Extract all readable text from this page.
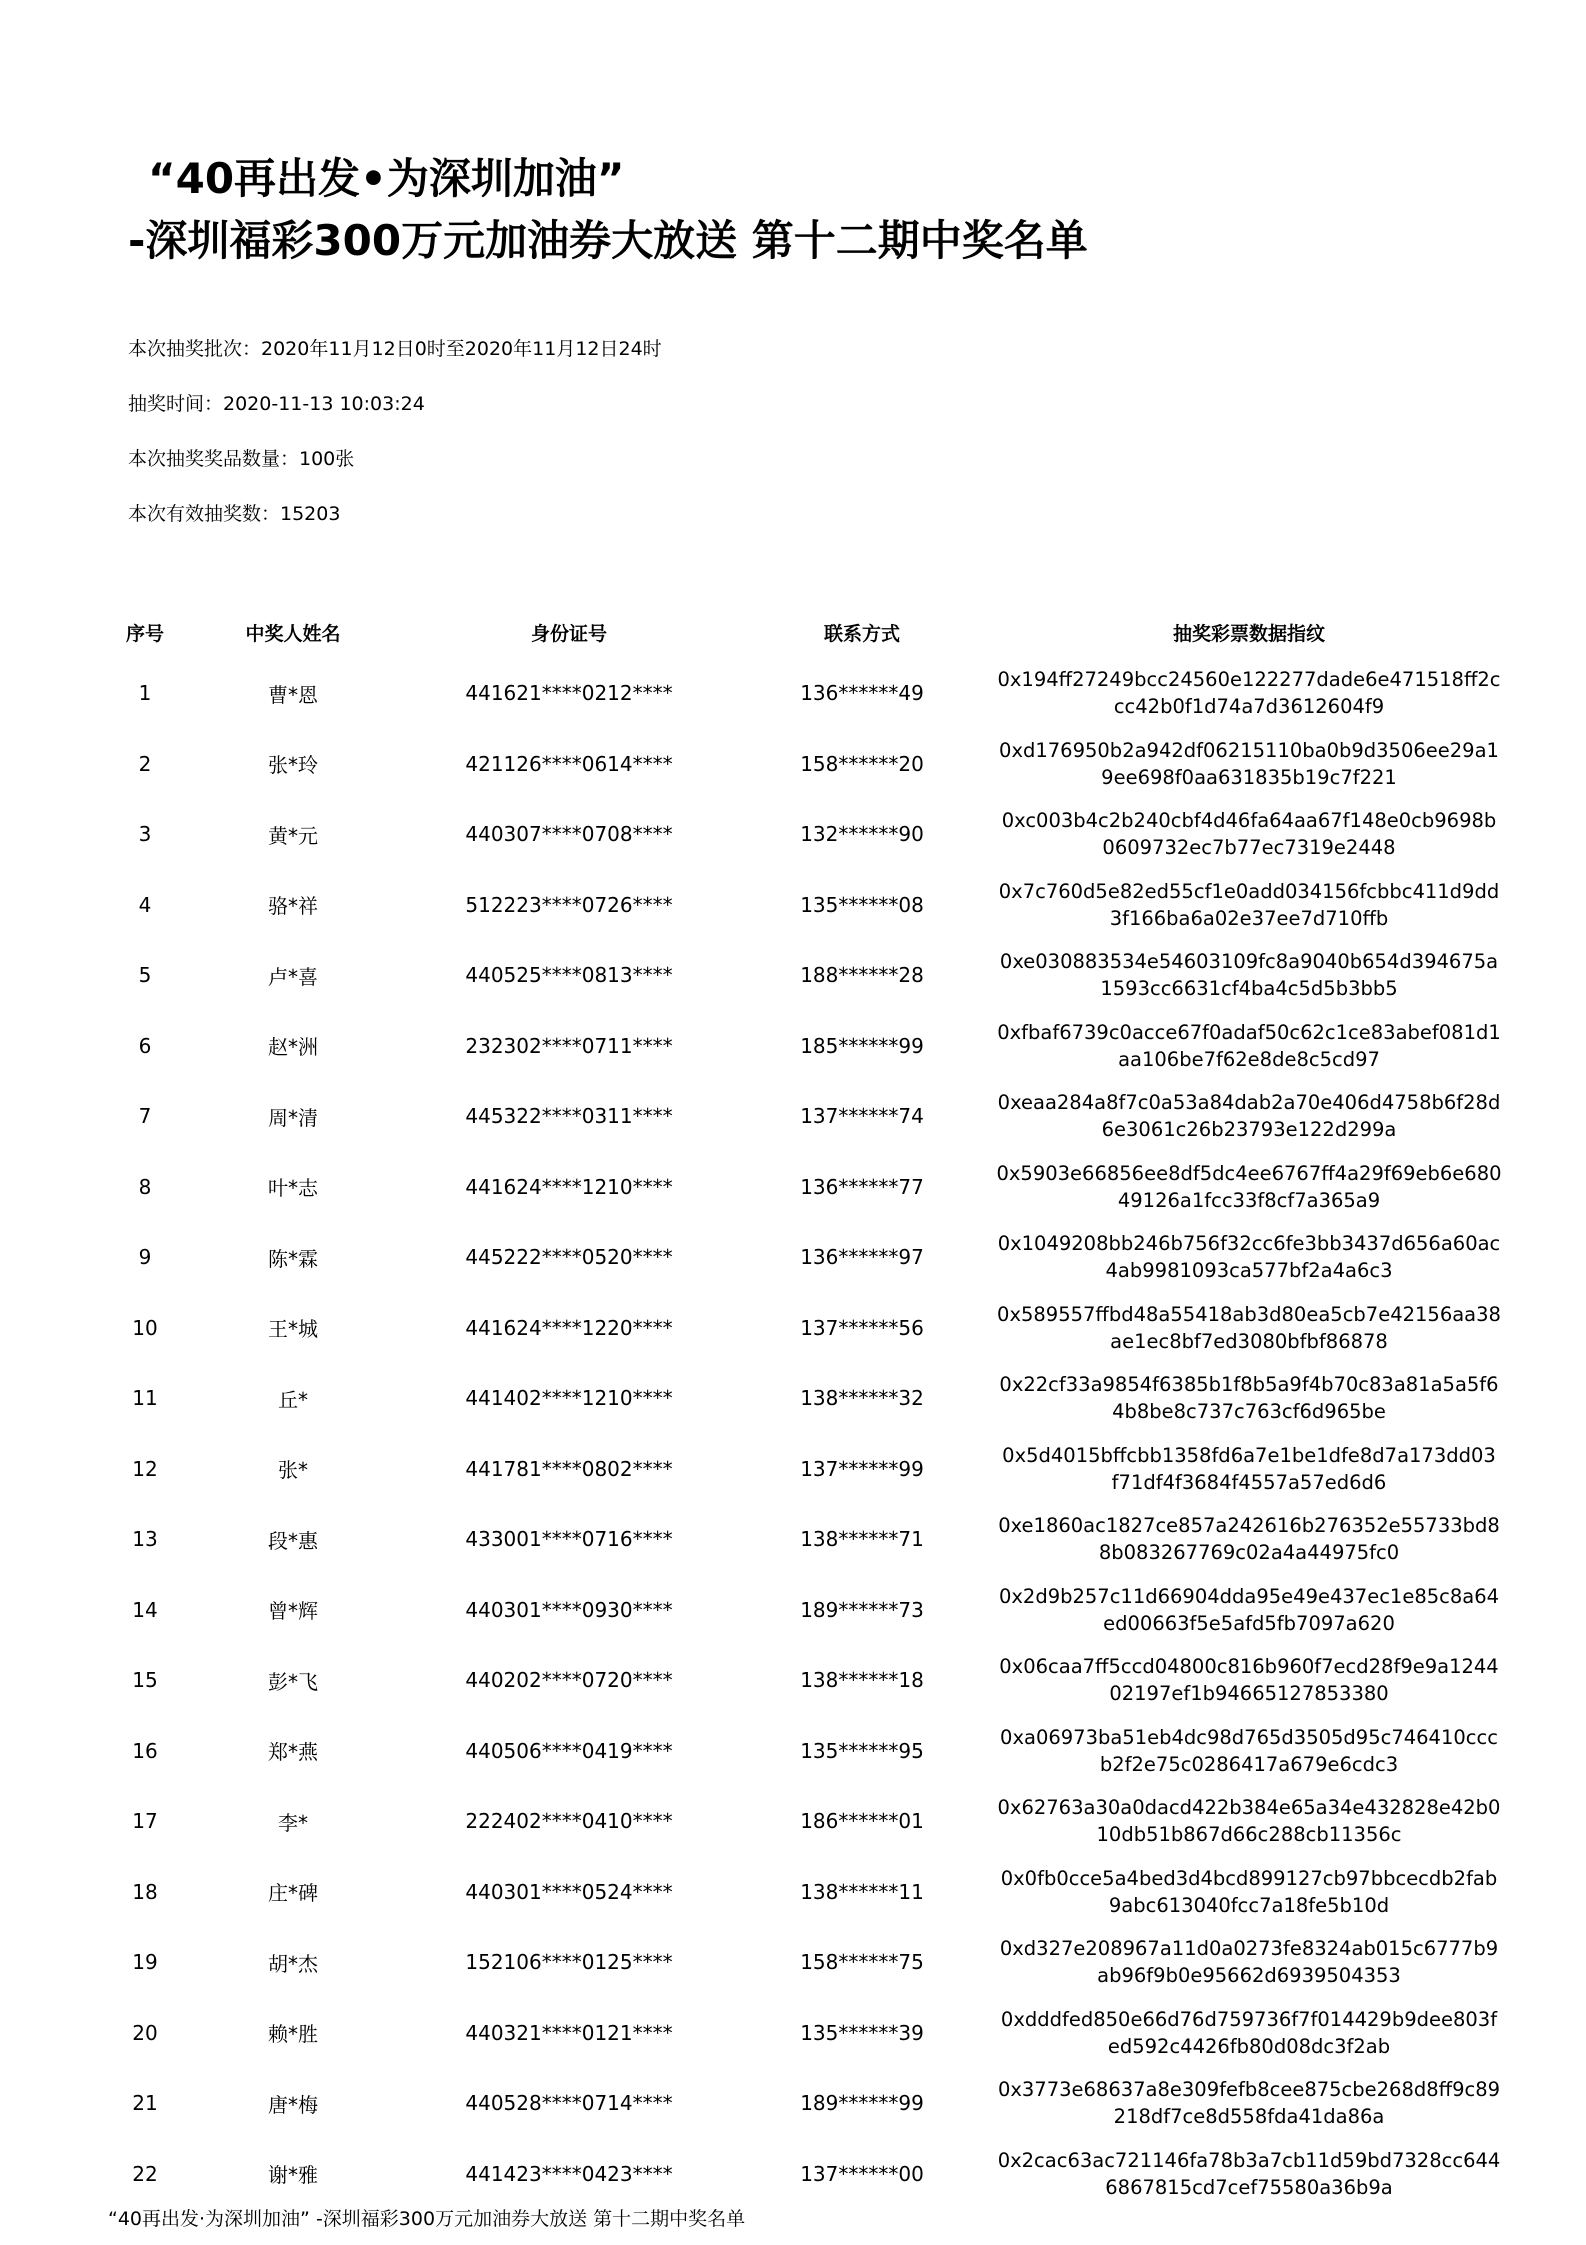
“40再出发•为深圳加油”
-深圳福彩300万元加油券大放送 第十二期中奖名单

本次抽奖批次：2020年11月12日0时至2020年11月12日24时

抽奖时间：2020-11-13 10:03:24

本次抽奖奖品数量：100张

本次有效抽奖数：15203

序号	中奖人姓名	身份证号	联系方式	抽奖彩票数据指纹
1	曹*恩	441621****0212****	136******49	0x194ff27249bcc24560e122277dade6e471518ff2c
cc42b0f1d74a7d3612604f9

2	张*玲	421126****0614****	158******20	0xd176950b2a942df06215110ba0b9d3506ee29a1
9ee698f0aa631835b19c7f221

3	黄*元	440307****0708****	132******90	0xc003b4c2b240cbf4d46fa64aa67f148e0cb9698b
0609732ec7b77ec7319e2448

4	骆*祥	512223****0726****	135******08	0x7c760d5e82ed55cf1e0add034156fcbbc411d9dd
3f166ba6a02e37ee7d710ffb

5	卢*喜	440525****0813****	188******28	0xe030883534e54603109fc8a9040b654d394675a
1593cc6631cf4ba4c5d5b3bb5

6	赵*洲	232302****0711****	185******99	0xfbaf6739c0acce67f0adaf50c62c1ce83abef081d1
aa106be7f62e8de8c5cd97

7	周*清	445322****0311****	137******74	0xeaa284a8f7c0a53a84dab2a70e406d4758b6f28d
6e3061c26b23793e122d299a

8	叶*志	441624****1210****	136******77	0x5903e66856ee8df5dc4ee6767ff4a29f69eb6e680
49126a1fcc33f8cf7a365a9

9	陈*霖	445222****0520****	136******97	0x1049208bb246b756f32cc6fe3bb3437d656a60ac
4ab9981093ca577bf2a4a6c3

10	王*城	441624****1220****	137******56	0x589557ffbd48a55418ab3d80ea5cb7e42156aa38
ae1ec8bf7ed3080bfbf86878

11	丘*	441402****1210****	138******32	0x22cf33a9854f6385b1f8b5a9f4b70c83a81a5a5f6
4b8be8c737c763cf6d965be

12	张*	441781****0802****	137******99	0x5d4015bffcbb1358fd6a7e1be1dfe8d7a173dd03
f71df4f3684f4557a57ed6d6

13	段*惠	433001****0716****	138******71	0xe1860ac1827ce857a242616b276352e55733bd8
8b083267769c02a4a44975fc0

14	曾*辉	440301****0930****	189******73	0x2d9b257c11d66904dda95e49e437ec1e85c8a64
ed00663f5e5afd5fb7097a620

15	彭*飞	440202****0720****	138******18	0x06caa7ff5ccd04800c816b960f7ecd28f9e9a1244
02197ef1b94665127853380

16	郑*燕	440506****0419****	135******95	0xa06973ba51eb4dc98d765d3505d95c746410ccc
b2f2e75c0286417a679e6cdc3

17	李*	222402****0410****	186******01	0x62763a30a0dacd422b384e65a34e432828e42b0
10db51b867d66c288cb11356c

18	庄*碑	440301****0524****	138******11	0x0fb0cce5a4bed3d4bcd899127cb97bbcecdb2fab
9abc613040fcc7a18fe5b10d

19	胡*杰	152106****0125****	158******75	0xd327e208967a11d0a0273fe8324ab015c6777b9
ab96f9b0e95662d6939504353

20	赖*胜	440321****0121****	135******39	0xdddfed850e66d76d759736f7f014429b9dee803f
ed592c4426fb80d08dc3f2ab

21	唐*梅	440528****0714****	189******99	0x3773e68637a8e309fefb8cee875cbe268d8ff9c89
218df7ce8d558fda41da86a

22	谢*雅	441423****0423****	137******00	0x2cac63ac721146fa78b3a7cb11d59bd7328cc644
6867815cd7cef75580a36b9a
“40再出发·为深圳加油” -深圳福彩300万元加油券大放送 第十二期中奖名单
